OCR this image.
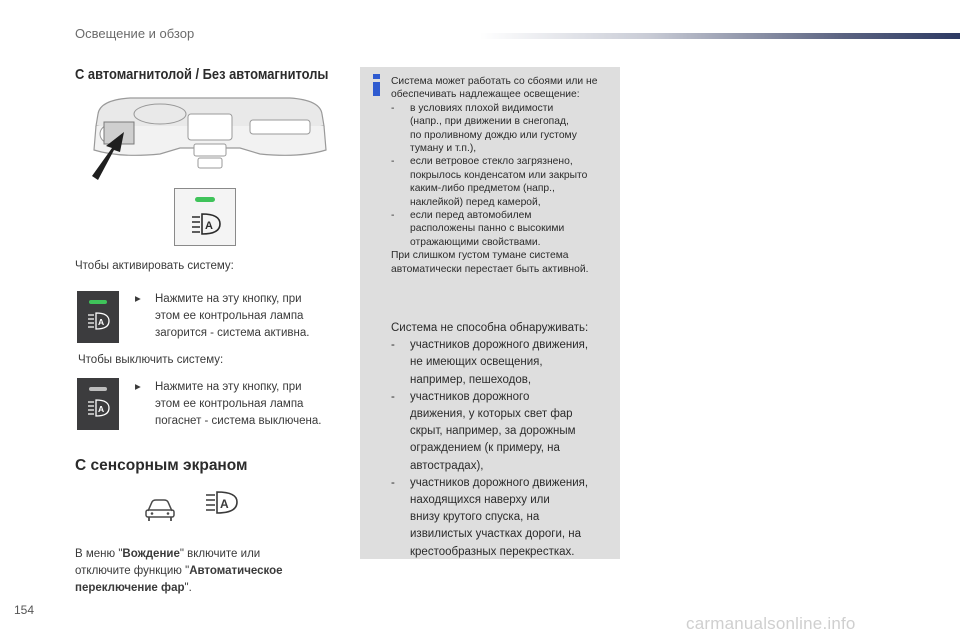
Освещение и обзор
С автомагнитолой / Без автомагнитолы
A
Чтобы активировать систему:
A
▸ Нажмите на эту кнопку, при
этом ее контрольная лампа
загорится - система активна.
Чтобы выключить систему:
A
▸ Нажмите на эту кнопку, при
этом ее контрольная лампа
погаснет - система выключена.
С сенсорным экраном
A
В меню "Вождение" включите или
отключите функцию "Автоматическое
переключение фар".
Система может работать со сбоями или не
обеспечивать надлежащее освещение:
-	в условиях плохой видимости
(напр., при движении в снегопад,
по проливному дождю или густому
туману и т.п.),
-	если ветровое стекло загрязнено,
покрылось конденсатом или закрыто
каким-либо предметом (напр.,
наклейкой) перед камерой,
-	если перед автомобилем
расположены панно с высокими
отражающими свойствами.
При слишком густом тумане система
автоматически перестает быть активной.
Система не способна обнаруживать:
-	участников дорожного движения,
не имеющих освещения,
например, пешеходов,
-	участников дорожного
движения, у которых свет фар
скрыт, например, за дорожным
ограждением (к примеру, на
автострадах),
-	участников дорожного движения,
находящихся наверху или
внизу крутого спуска, на
извилистых участках дороги, на
крестообразных перекрестках.
154
carmanualsonline.info
